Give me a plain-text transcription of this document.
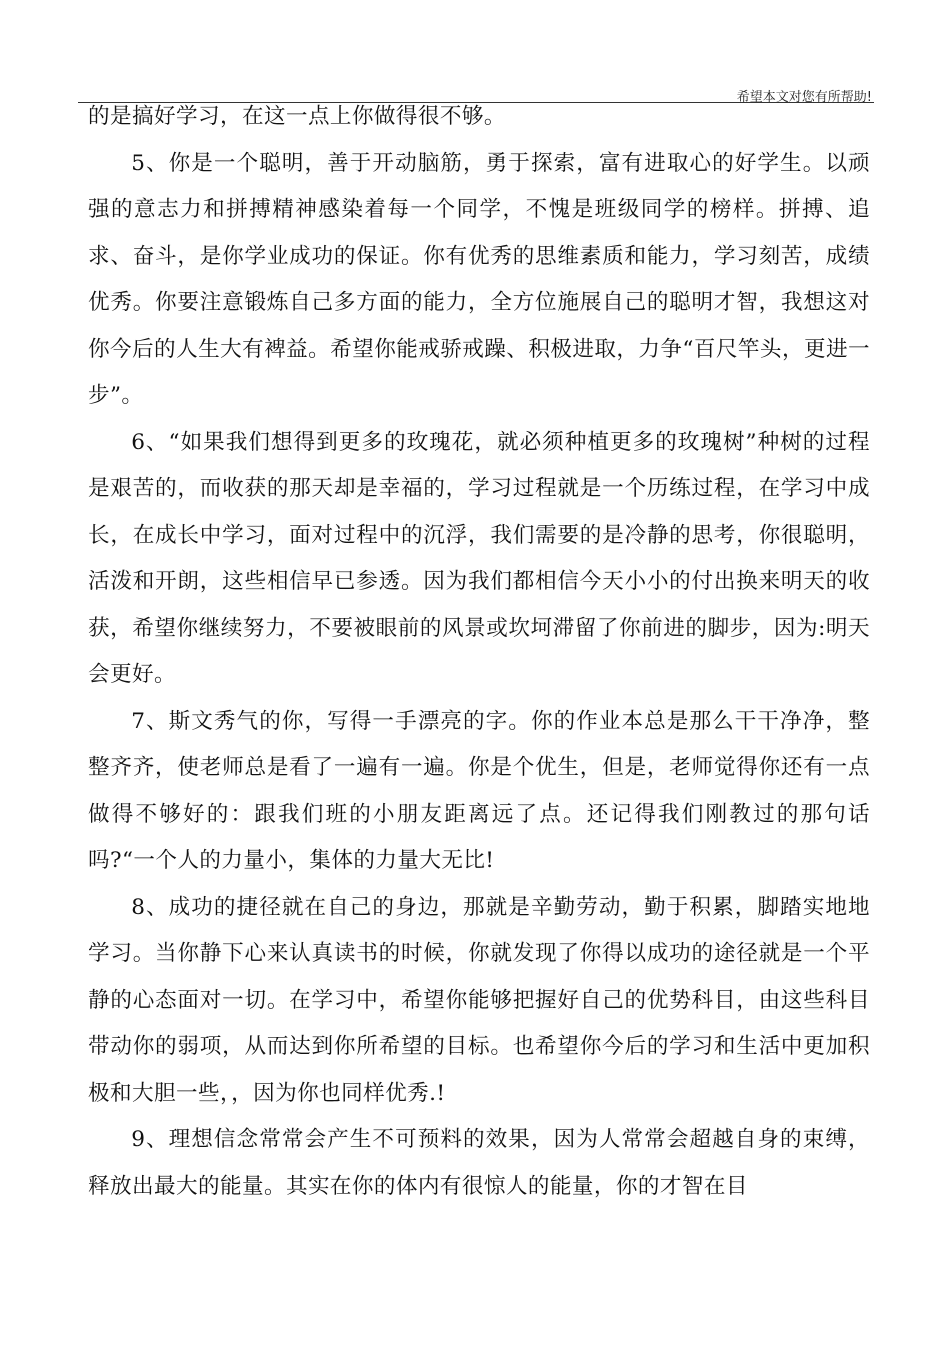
希望本文对您有所帮助!

的是搞好学习，在这一点上你做得很不够。

5、你是一个聪明，善于开动脑筋，勇于探索，富有进取心的好学生。以顽强的意志力和拼搏精神感染着每一个同学，不愧是班级同学的榜样。拼搏、追求、奋斗，是你学业成功的保证。你有优秀的思维素质和能力，学习刻苦，成绩优秀。你要注意锻炼自己多方面的能力，全方位施展自己的聪明才智，我想这对你今后的人生大有裨益。希望你能戒骄戒躁、积极进取，力争“百尺竿头，更进一步”。

6、“如果我们想得到更多的玫瑰花，就必须种植更多的玫瑰树”种树的过程是艰苦的，而收获的那天却是幸福的，学习过程就是一个历练过程，在学习中成长，在成长中学习，面对过程中的沉浮，我们需要的是冷静的思考，你很聪明，活泼和开朗，这些相信早已参透。因为我们都相信今天小小的付出换来明天的收获，希望你继续努力，不要被眼前的风景或坎坷滞留了你前进的脚步，因为:明天会更好。

7、斯文秀气的你，写得一手漂亮的字。你的作业本总是那么干干净净，整整齐齐，使老师总是看了一遍有一遍。你是个优生，但是，老师觉得你还有一点做得不够好的：跟我们班的小朋友距离远了点。还记得我们刚教过的那句话吗?“一个人的力量小，集体的力量大无比!

8、成功的捷径就在自己的身边，那就是辛勤劳动，勤于积累，脚踏实地地学习。当你静下心来认真读书的时候，你就发现了你得以成功的途径就是一个平静的心态面对一切。在学习中，希望你能够把握好自己的优势科目，由这些科目带动你的弱项，从而达到你所希望的目标。也希望你今后的学习和生活中更加积极和大胆一些，，因为你也同样优秀.!

9、理想信念常常会产生不可预料的效果，因为人常常会超越自身的束缚，释放出最大的能量。其实在你的体内有很惊人的能量，你的才智在目
